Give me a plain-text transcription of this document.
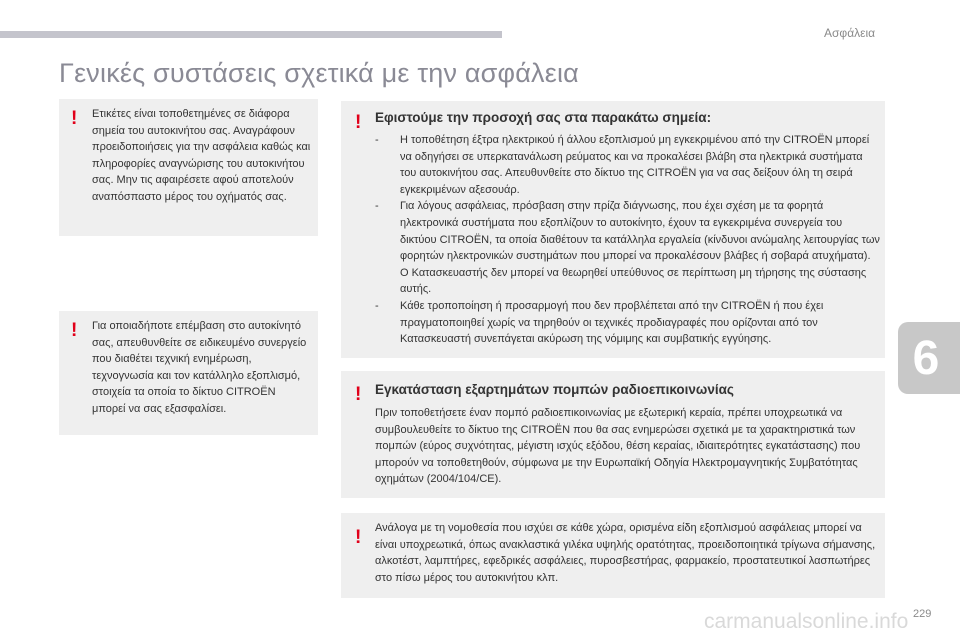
Ασφάλεια
Γενικές συστάσεις σχετικά με την ασφάλεια
! Ετικέτες είναι τοποθετημένες σε διάφορα σημεία του αυτοκινήτου σας. Αναγράφουν προειδοποιήσεις για την ασφάλεια καθώς και πληροφορίες αναγνώρισης του αυτοκινήτου σας. Μην τις αφαιρέσετε αφού αποτελούν αναπόσπαστο μέρος του οχήματός σας.
! Για οποιαδήποτε επέμβαση στο αυτοκίνητό σας, απευθυνθείτε σε ειδικευμένο συνεργείο που διαθέτει τεχνική ενημέρωση, τεχνογνωσία και τον κατάλληλο εξοπλισμό, στοιχεία τα οποία το δίκτυο CITROËN μπορεί να σας εξασφαλίσει.
! Εφιστούμε την προσοχή σας στα παρακάτω σημεία:
- Η τοποθέτηση έξτρα ηλεκτρικού ή άλλου εξοπλισμού μη εγκεκριμένου από την CITROËN μπορεί να οδηγήσει σε υπερκατανάλωση ρεύματος και να προκαλέσει βλάβη στα ηλεκτρικά συστήματα του αυτοκινήτου σας. Απευθυνθείτε στο δίκτυο της CITROËN για να σας δείξουν όλη τη σειρά εγκεκριμένων αξεσουάρ.
- Για λόγους ασφάλειας, πρόσβαση στην πρίζα διάγνωσης, που έχει σχέση με τα φορητά ηλεκτρονικά συστήματα που εξοπλίζουν το αυτοκίνητο, έχουν τα εγκεκριμένα συνεργεία του δικτύου CITROËN, τα οποία διαθέτουν τα κατάλληλα εργαλεία (κίνδυνοι ανώμαλης λειτουργίας των φορητών ηλεκτρονικών συστημάτων που μπορεί να προκαλέσουν βλάβες ή σοβαρά ατυχήματα). Ο Κατασκευαστής δεν μπορεί να θεωρηθεί υπεύθυνος σε περίπτωση μη τήρησης της σύστασης αυτής.
- Κάθε τροποποίηση ή προσαρμογή που δεν προβλέπεται από την CITROËN ή που έχει πραγματοποιηθεί χωρίς να τηρηθούν οι τεχνικές προδιαγραφές που ορίζονται από τον Κατασκευαστή συνεπάγεται ακύρωση της νόμιμης και συμβατικής εγγύησης.
! Εγκατάσταση εξαρτημάτων πομπών ραδιοεπικοινωνίας
Πριν τοποθετήσετε έναν πομπό ραδιοεπικοινωνίας με εξωτερική κεραία, πρέπει υποχρεωτικά να συμβουλευθείτε το δίκτυο της CITROËN που θα σας ενημερώσει σχετικά με τα χαρακτηριστικά των πομπών (εύρος συχνότητας, μέγιστη ισχύς εξόδου, θέση κεραίας, ιδιαιτερότητες εγκατάστασης) που μπορούν να τοποθετηθούν, σύμφωνα με την Ευρωπαϊκή Οδηγία Ηλεκτρομαγνητικής Συμβατότητας οχημάτων (2004/104/CE).
! Ανάλογα με τη νομοθεσία που ισχύει σε κάθε χώρα, ορισμένα είδη εξοπλισμού ασφάλειας μπορεί να είναι υποχρεωτικά, όπως ανακλαστικά γιλέκα υψηλής ορατότητας, προειδοποιητικά τρίγωνα σήμανσης, αλκοτέστ, λαμπτήρες, εφεδρικές ασφάλειες, πυροσβεστήρας, φαρμακείο, προστατευτικοί λασπωτήρες στο πίσω μέρος του αυτοκινήτου κλπ.
6
carmanualsonline.info 229
